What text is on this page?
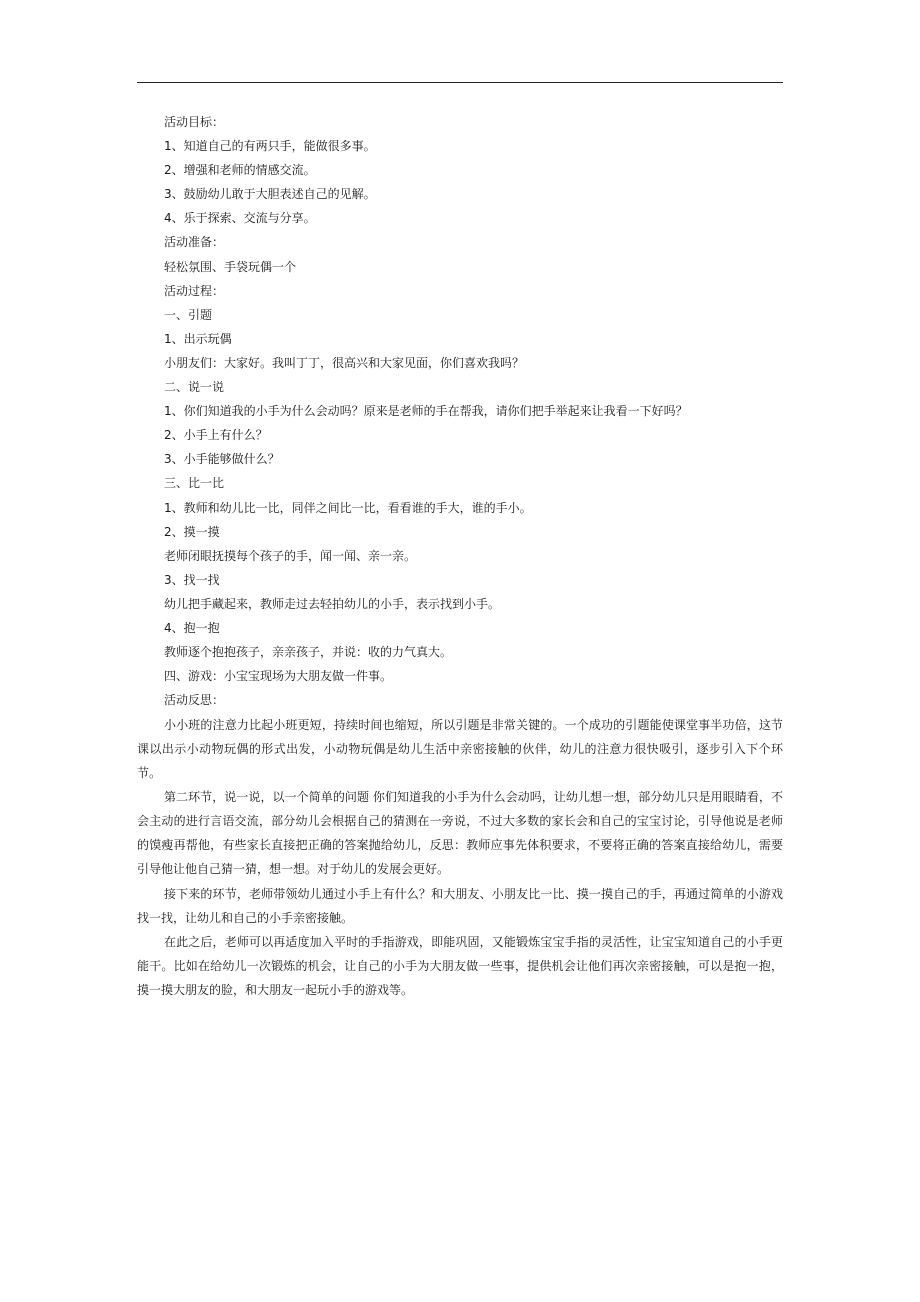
活动目标：
1、知道自己的有两只手，能做很多事。
2、增强和老师的情感交流。
3、鼓励幼儿敢于大胆表述自己的见解。
4、乐于探索、交流与分享。
活动准备：
轻松氛围、手袋玩偶一个
活动过程：
一、引题
1、出示玩偶
小朋友们：大家好。我叫丁丁，很高兴和大家见面，你们喜欢我吗？
二、说一说
1、你们知道我的小手为什么会动吗？原来是老师的手在帮我，请你们把手举起来让我看一下好吗？
2、小手上有什么？
3、小手能够做什么？
三、比一比
1、教师和幼儿比一比，同伴之间比一比，看看谁的手大，谁的手小。
2、摸一摸
老师闭眼抚摸每个孩子的手，闻一闻、亲一亲。
3、找一找
幼儿把手藏起来，教师走过去轻拍幼儿的小手，表示找到小手。
4、抱一抱
教师逐个抱抱孩子，亲亲孩子，并说：收的力气真大。
四、游戏：小宝宝现场为大朋友做一件事。
活动反思：

小小班的注意力比起小班更短，持续时间也缩短，所以引题是非常关键的。一个成功的引题能使课堂事半功倍，这节课以出示小动物玩偶的形式出发，小动物玩偶是幼儿生活中亲密接触的伙伴，幼儿的注意力很快吸引，逐步引入下个环节。

第二环节，说一说，以一个简单的问题 你们知道我的小手为什么会动吗，让幼儿想一想，部分幼儿只是用眼睛看，不会主动的进行言语交流，部分幼儿会根据自己的猜测在一旁说，不过大多数的家长会和自己的宝宝讨论，引导他说是老师的馍瘦再帮他，有些家长直接把正确的答案抛给幼儿，反思：教师应事先体积要求，不要将正确的答案直接给幼儿，需要引导他让他自己猜一猜，想一想。对于幼儿的发展会更好。

接下来的环节，老师带领幼儿通过小手上有什么？和大朋友、小朋友比一比、摸一摸自己的手，再通过简单的小游戏找一找，让幼儿和自己的小手亲密接触。

在此之后，老师可以再适度加入平时的手指游戏，即能巩固，又能锻炼宝宝手指的灵活性，让宝宝知道自己的小手更能干。比如在给幼儿一次锻炼的机会，让自己的小手为大朋友做一些事，提供机会让他们再次亲密接触，可以是抱一抱，摸一摸大朋友的脸，和大朋友一起玩小手的游戏等。
